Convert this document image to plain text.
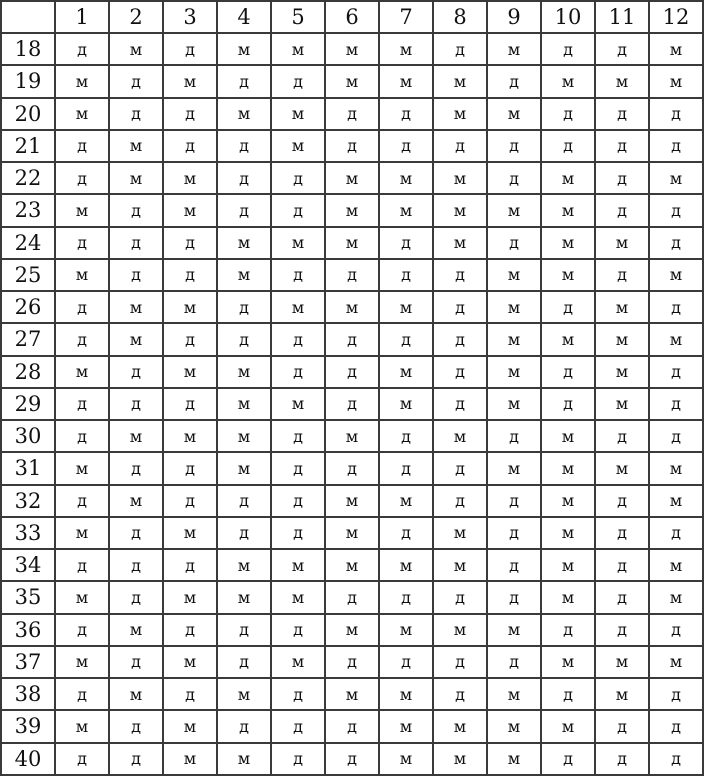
	1	2	3	4	5	6	7	8	9	10	11	12
18	д	м	д	м	м	м	м	д	м	д	д	м
19	м	д	м	д	д	м	м	м	д	м	м	м
20	м	д	д	м	м	д	д	м	м	д	д	д
21	д	м	д	д	м	д	д	д	д	д	д	д
22	д	м	м	д	д	м	м	м	д	м	д	м
23	м	д	м	д	д	м	м	м	м	м	д	д
24	д	д	д	м	м	м	д	м	д	м	м	д
25	м	д	д	м	д	д	д	д	м	м	д	м
26	д	м	м	д	м	м	м	д	м	д	м	д
27	д	м	д	д	д	д	д	д	м	м	м	м
28	м	д	м	м	д	д	м	д	м	д	м	д
29	д	д	д	м	м	д	м	д	м	д	м	д
30	д	м	м	м	д	м	д	м	д	м	д	д
31	м	д	д	м	д	д	д	д	м	м	м	м
32	д	м	д	д	д	м	м	д	д	м	д	м
33	м	д	м	д	д	м	д	м	д	м	д	д
34	д	д	д	м	м	м	м	м	д	м	д	м
35	м	д	м	м	м	д	д	д	д	м	д	м
36	д	м	д	д	д	м	м	м	м	д	д	д
37	м	д	м	д	м	д	д	д	д	м	м	м
38	д	м	д	м	д	м	м	д	м	д	м	д
39	м	д	м	д	д	д	м	м	м	м	д	д
40	д	д	м	м	д	д	м	м	м	д	д	д
